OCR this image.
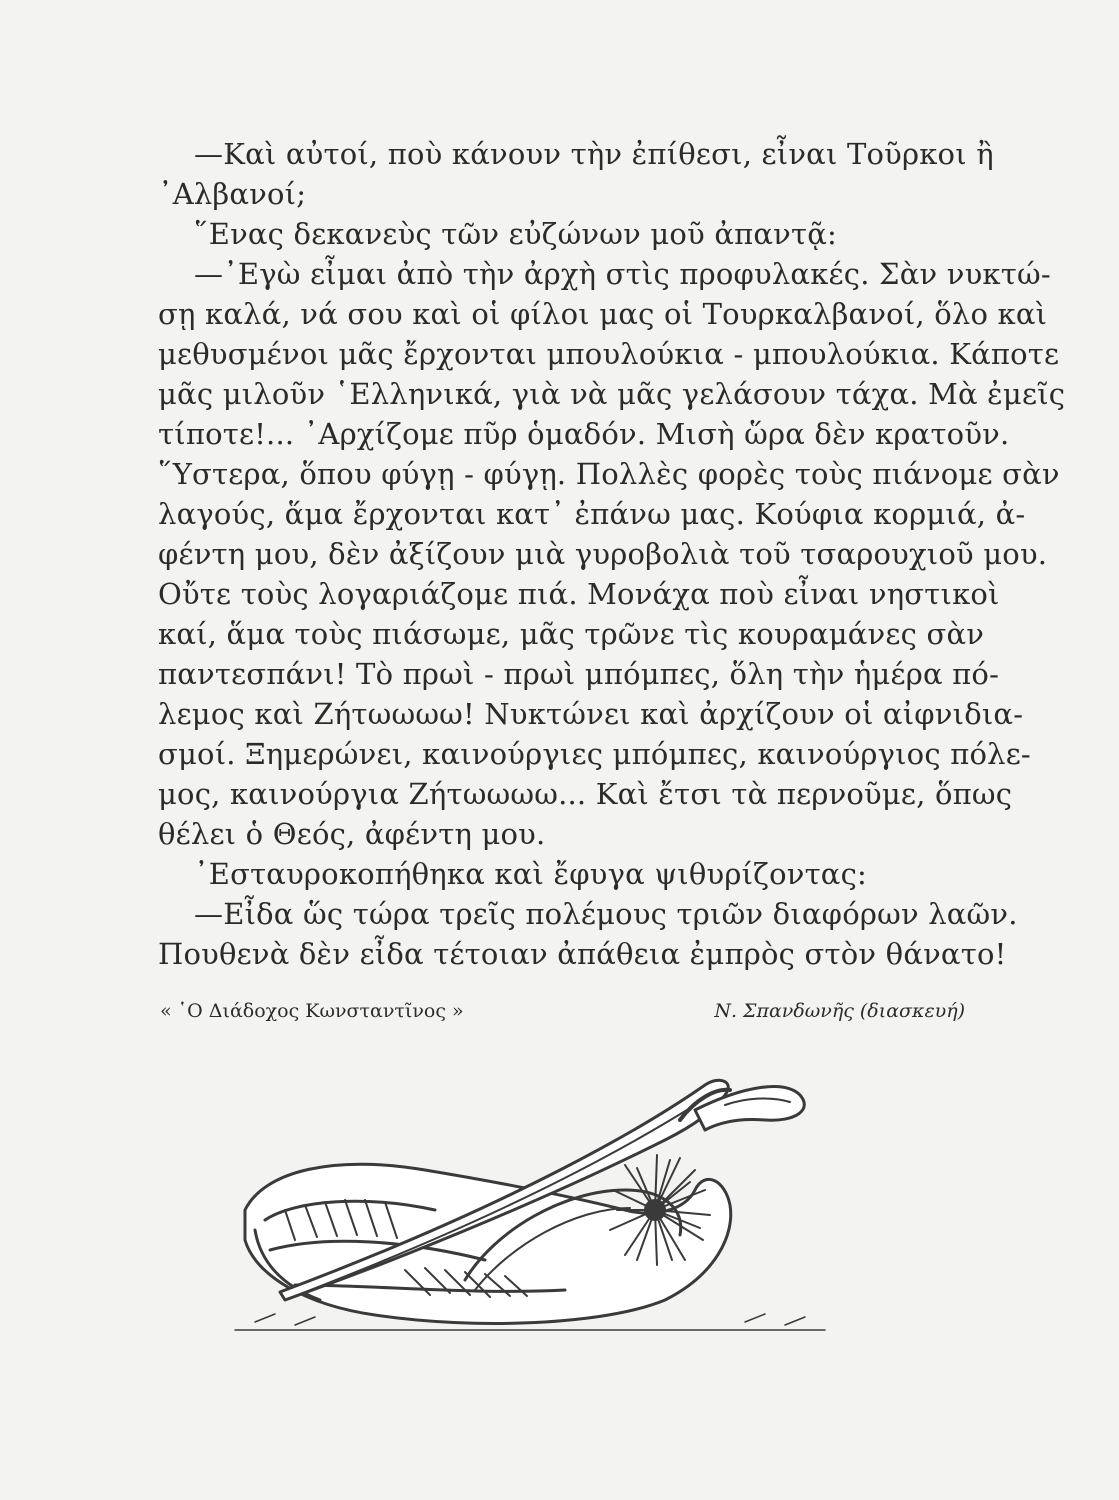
—Καὶ αὐτοί, ποὺ κάνουν τὴν ἐπίθεσι, εἶναι Τοῦρκοι ἢ
᾿Αλβανοί;
῞Ενας δεκανεὺς τῶν εὐζώνων μοῦ ἀπαντᾷ:
—᾿Εγὼ εἶμαι ἀπὸ τὴν ἀρχὴ στὶς προφυλακές. Σὰν νυκτώ-
σῃ καλά, νά σου καὶ οἱ φίλοι μας οἱ Τουρκαλβανοί, ὅλο καὶ
μεθυσμένοι μᾶς ἔρχονται μπουλούκια - μπουλούκια. Κάποτε
μᾶς μιλοῦν ῾Ελληνικά, γιὰ νὰ μᾶς γελάσουν τάχα. Μὰ ἐμεῖς
τίποτε!... ᾿Αρχίζομε πῦρ ὁμαδόν. Μισὴ ὥρα δὲν κρατοῦν.
῞Υστερα, ὅπου φύγῃ - φύγῃ. Πολλὲς φορὲς τοὺς πιάνομε σὰν
λαγούς, ἅμα ἔρχονται κατ᾿ ἐπάνω μας. Κούφια κορμιά, ἀ-
φέντη μου, δὲν ἀξίζουν μιὰ γυροβολιὰ τοῦ τσαρουχιοῦ μου.
Οὔτε τοὺς λογαριάζομε πιά. Μονάχα ποὺ εἶναι νηστικοὶ
καί, ἅμα τοὺς πιάσωμε, μᾶς τρῶνε τὶς κουραμάνες σὰν
παντεσπάνι! Τὸ πρωὶ - πρωὶ μπόμπες, ὅλη τὴν ἡμέρα πό-
λεμος καὶ Ζήτωωωω! Νυκτώνει καὶ ἀρχίζουν οἱ αἰφνιδια-
σμοί. Ξημερώνει, καινούργιες μπόμπες, καινούργιος πόλε-
μος, καινούργια Ζήτωωωω... Καὶ ἔτσι τὰ περνοῦμε, ὅπως
θέλει ὁ Θεός, ἀφέντη μου.
᾿Εσταυροκοπήθηκα καὶ ἔφυγα ψιθυρίζοντας:
—Εἶδα ὥς τώρα τρεῖς πολέμους τριῶν διαφόρων λαῶν.
Πουθενὰ δὲν εἶδα τέτοιαν ἀπάθεια ἐμπρὸς στὸν θάνατο!
« ῾Ο Διάδοχος Κωνσταντῖνος »	Ν. Σπανδωνῆς (διασκευή)
